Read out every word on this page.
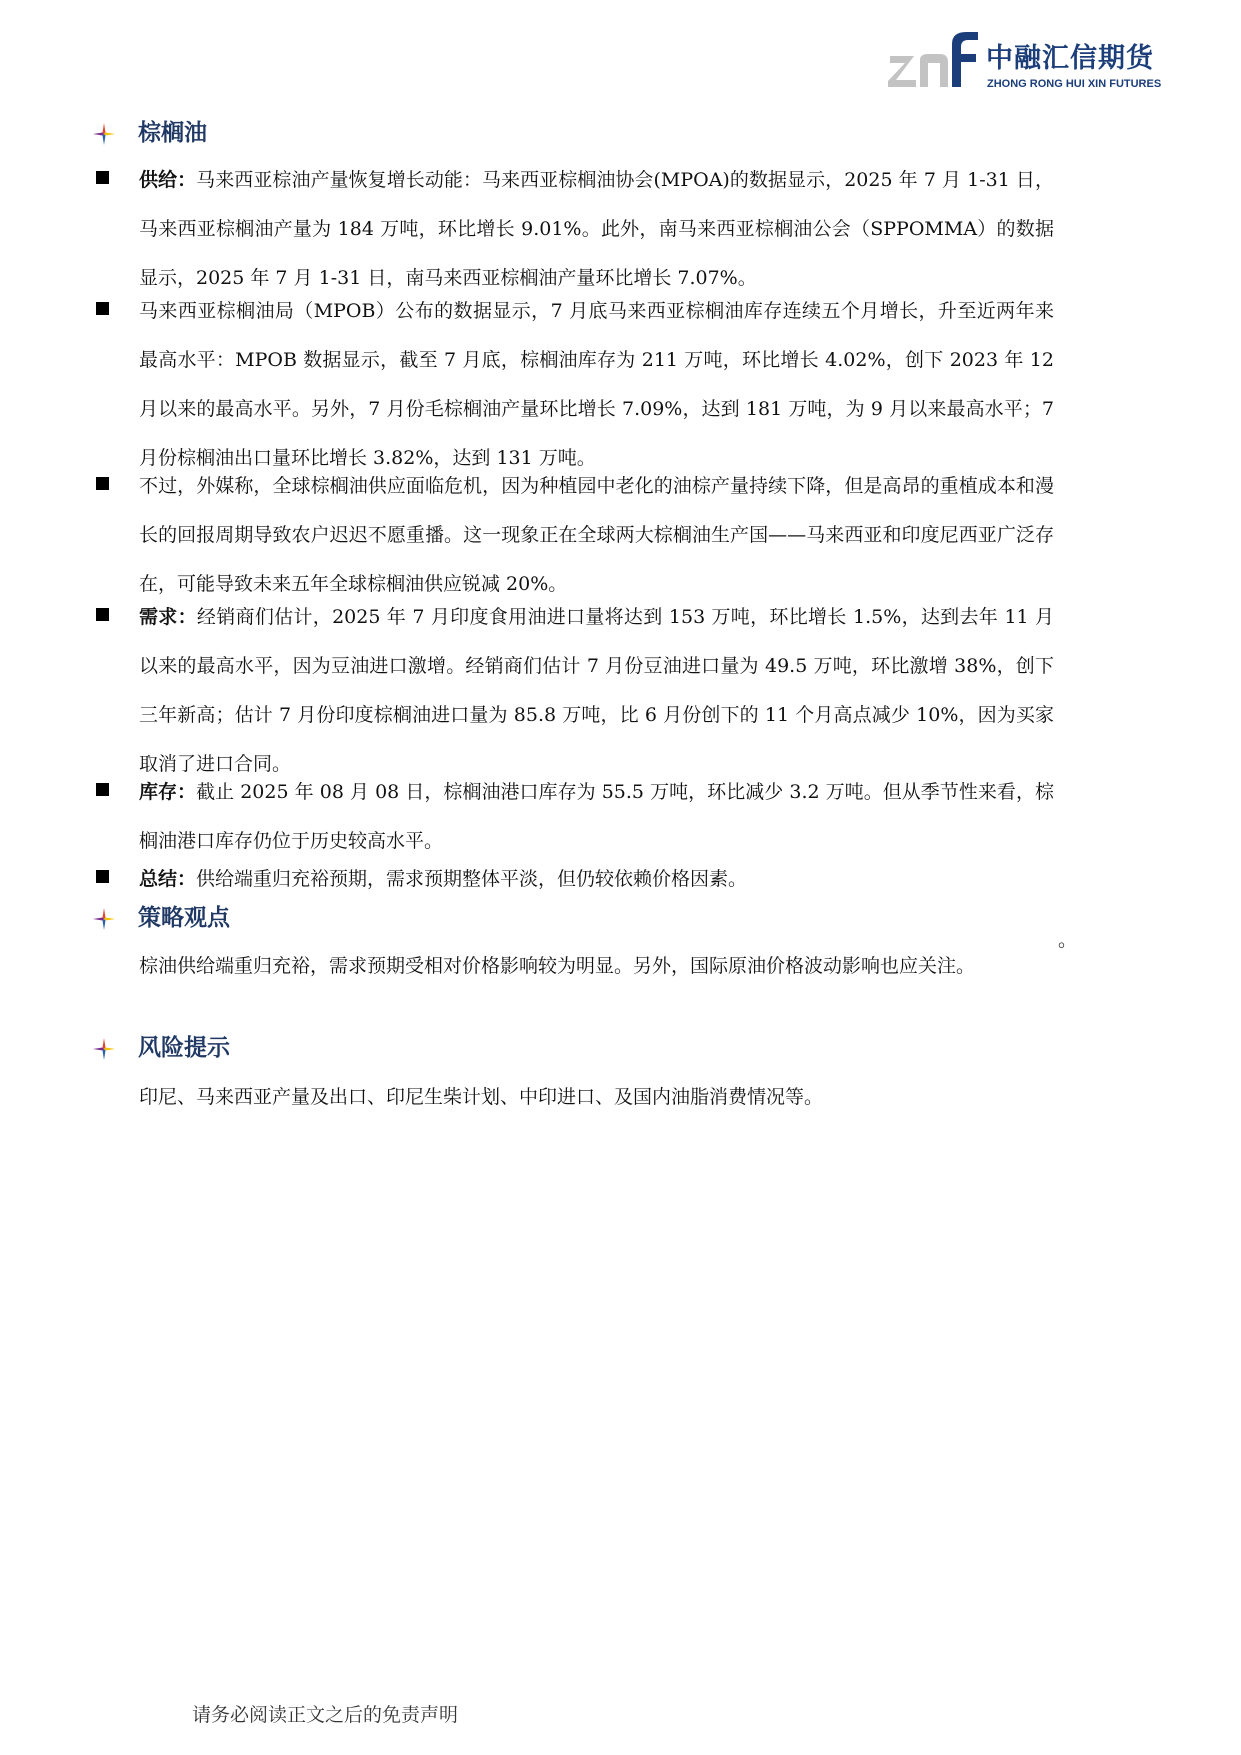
中融汇信期货
ZHONG RONG HUI XIN FUTURES
棕榈油
供给：马来西亚棕油产量恢复增长动能：马来西亚棕榈油协会(MPOA)的数据显示，2025 年 7 月 1-31 日，马来西亚棕榈油产量为 184 万吨，环比增长 9.01%。此外，南马来西亚棕榈油公会（SPPOMMA）的数据显示，2025 年 7 月 1-31 日，南马来西亚棕榈油产量环比增长 7.07%。
马来西亚棕榈油局（MPOB）公布的数据显示，7 月底马来西亚棕榈油库存连续五个月增长，升至近两年来最高水平：MPOB 数据显示，截至 7 月底，棕榈油库存为 211 万吨，环比增长 4.02%，创下 2023 年 12 月以来的最高水平。另外，7 月份毛棕榈油产量环比增长 7.09%，达到 181 万吨，为 9 月以来最高水平；7 月份棕榈油出口量环比增长 3.82%，达到 131 万吨。
不过，外媒称，全球棕榈油供应面临危机，因为种植园中老化的油棕产量持续下降，但是高昂的重植成本和漫长的回报周期导致农户迟迟不愿重播。这一现象正在全球两大棕榈油生产国——马来西亚和印度尼西亚广泛存在，可能导致未来五年全球棕榈油供应锐减 20%。
需求：经销商们估计，2025 年 7 月印度食用油进口量将达到 153 万吨，环比增长 1.5%，达到去年 11 月以来的最高水平，因为豆油进口激增。经销商们估计 7 月份豆油进口量为 49.5 万吨，环比激增 38%，创下三年新高；估计 7 月份印度棕榈油进口量为 85.8 万吨，比 6 月份创下的 11 个月高点减少 10%，因为买家取消了进口合同。
库存：截止 2025 年 08 月 08 日，棕榈油港口库存为 55.5 万吨，环比减少 3.2 万吨。但从季节性来看，棕榈油港口库存仍位于历史较高水平。
总结：供给端重归充裕预期，需求预期整体平淡，但仍较依赖价格因素。
策略观点
棕油供给端重归充裕，需求预期受相对价格影响较为明显。另外，国际原油价格波动影响也应关注。
风险提示
印尼、马来西亚产量及出口、印尼生柴计划、中印进口、及国内油脂消费情况等。
。
请务必阅读正文之后的免责声明
